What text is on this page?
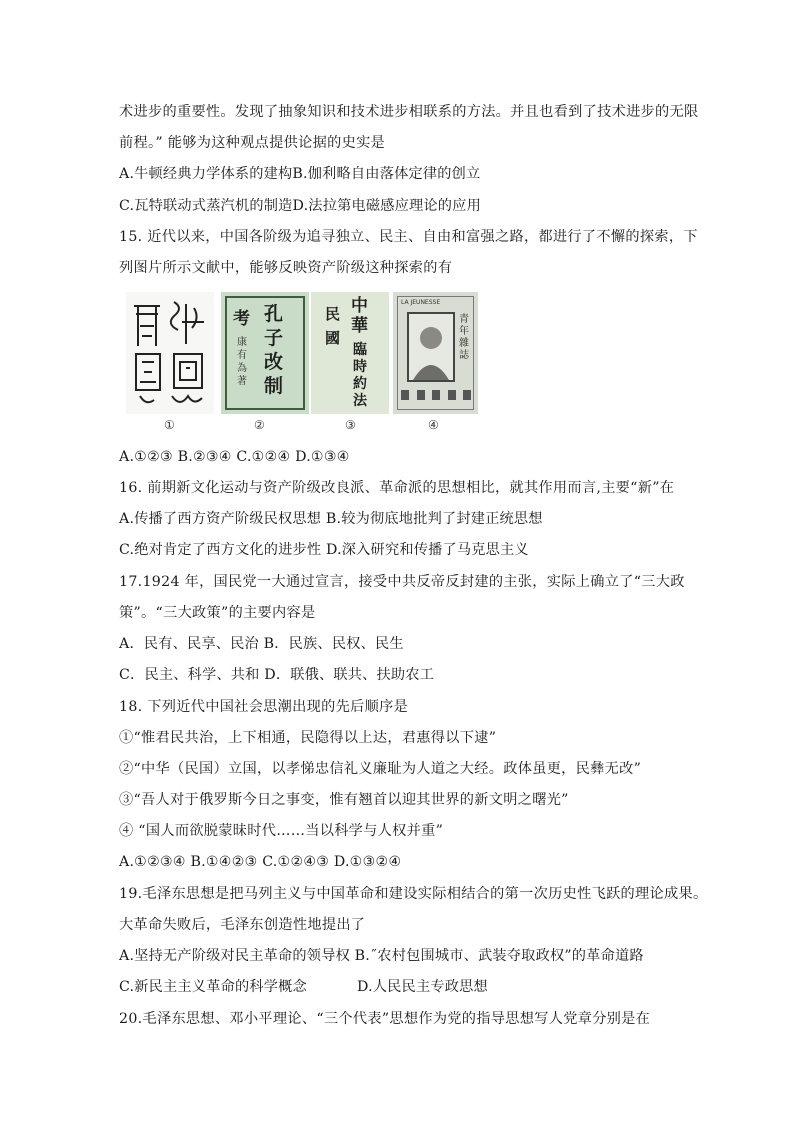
术进步的重要性。发现了抽象知识和技术进步相联系的方法。并且也看到了技术进步的无限
前程。” 能够为这种观点提供论据的史实是
A.牛顿经典力学体系的建构B.伽利略自由落体定律的创立
C.瓦特联动式蒸汽机的制造D.法拉第电磁感应理论的应用
15. 近代以来，中国各阶级为追寻独立、民主、自由和富强之路，都进行了不懈的探索，下
列图片所示文献中，能够反映资产阶级这种探索的有
孔子改制
考
康有為著
中華
民國
臨時約法
LA JEUNESSE
青年雜誌
①	②	③	④
A.①②③ B.②③④ C.①②④ D.①③④
16. 前期新文化运动与资产阶级改良派、革命派的思想相比，就其作用而言,主要“新”在
A.传播了西方资产阶级民权思想 B.较为彻底地批判了封建正统思想
C.绝对肯定了西方文化的进步性 D.深入研究和传播了马克思主义
17.1924 年，国民党一大通过宣言，接受中共反帝反封建的主张，实际上确立了“三大政
策”。“三大政策”的主要内容是
A．民有、民享、民治 B．民族、民权、民生
C．民主、科学、共和 D．联俄、联共、扶助农工
18. 下列近代中国社会思潮出现的先后顺序是
①“惟君民共治，上下相通，民隐得以上达，君惠得以下逮”
②“中华（民国）立国，以孝悌忠信礼义廉耻为人道之大经。政体虽更，民彝无改”
③“吾人对于俄罗斯今日之事变，惟有翘首以迎其世界的新文明之曙光”
④ “国人而欲脱蒙昧时代……当以科学与人权并重”
A.①②③④ B.①④②③ C.①②④③ D.①③②④
19.毛泽东思想是把马列主义与中国革命和建设实际相结合的第一次历史性飞跃的理论成果。
大革命失败后，毛泽东创造性地提出了
A.坚持无产阶级对民主革命的领导权 B.˝农村包围城市、武装夺取政权”的革命道路
C.新民主主义革命的科学概念	D.人民民主专政思想
20.毛泽东思想、邓小平理论、“三个代表”思想作为党的指导思想写人党章分别是在
